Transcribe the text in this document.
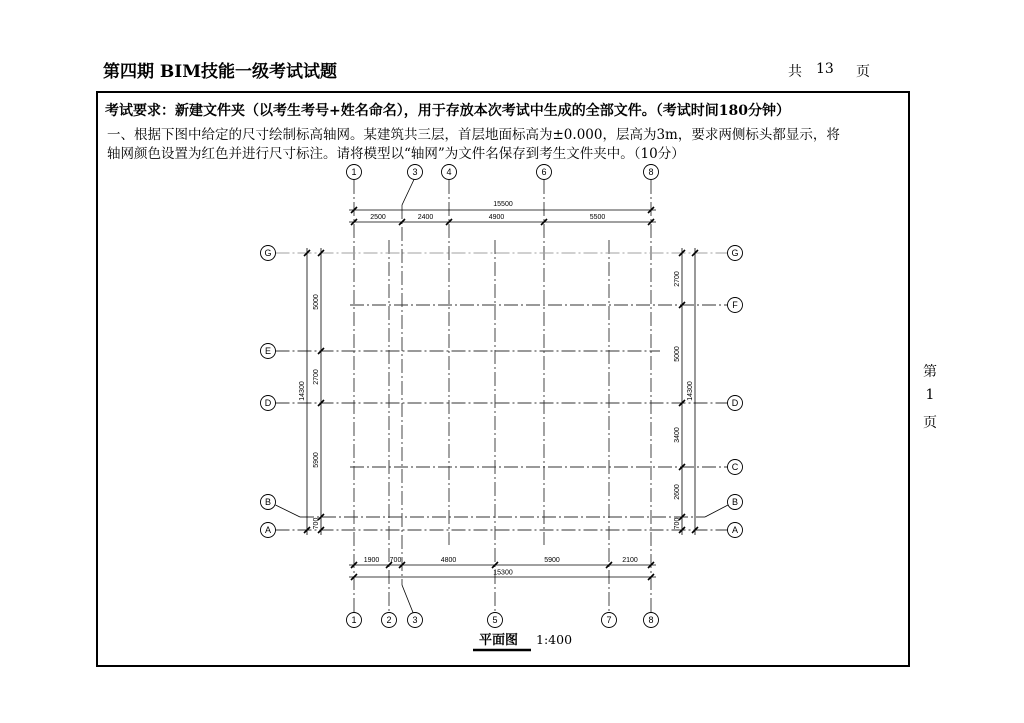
第四期 BIM技能一级考试试题	共 13 页
考试要求：新建文件夹（以考生考号+姓名命名），用于存放本次考试中生成的全部文件。（考试时间180分钟）
一、根据下图中给定的尺寸绘制标高轴网。某建筑共三层，首层地面标高为±0.000，层高为3m，要求两侧标头都显示，将
轴网颜色设置为红色并进行尺寸标注。请将模型以“轴网”为文件名保存到考生文件夹中。（10分）
第
1
页
15500
2500	2400	4900	5500
1900 700	4800	5900	2100
15300
14300
5000
2700
5900
700
2700
5000
3400
2600
700
14300
1	3	4	6	8
1	2 3	5	7	8
G
E
D
B
A
G
F
D
C
B
A
平面图 1:400
